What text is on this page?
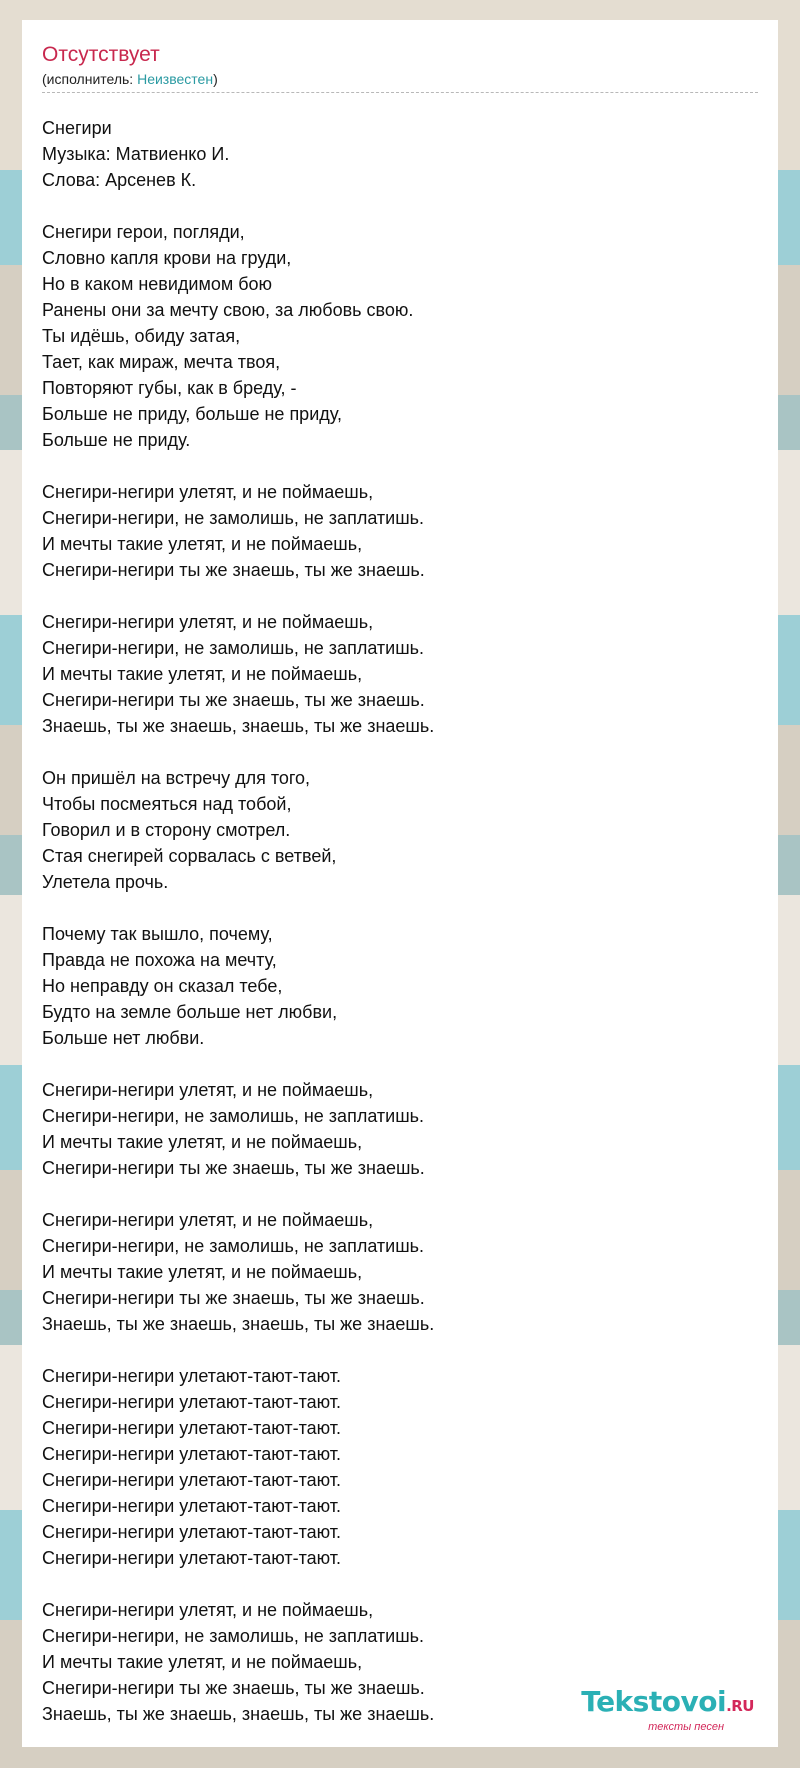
Отсутствует
(исполнитель: Неизвестен)
Снегири
Музыка: Матвиенко И.
Слова: Арсенев К.
Снегири герои, погляди,
Словно капля крови на груди,
Но в каком невидимом бою
Ранены они за мечту свою, за любовь свою.
Ты идёшь, обиду затая,
Тает, как мираж, мечта твоя,
Повторяют губы, как в бреду, -
Больше не приду, больше не приду,
Больше не приду.
Снегири-негири улетят, и не поймаешь,
Снегири-негири, не замолишь, не заплатишь.
И мечты такие улетят, и не поймаешь,
Снегири-негири ты же знаешь, ты же знаешь.
Снегири-негири улетят, и не поймаешь,
Снегири-негири, не замолишь, не заплатишь.
И мечты такие улетят, и не поймаешь,
Снегири-негири ты же знаешь, ты же знаешь.
Знаешь, ты же знаешь, знаешь, ты же знаешь.
Он пришёл на встречу для того,
Чтобы посмеяться над тобой,
Говорил и в сторону смотрел.
Стая снегирей сорвалась с ветвей,
Улетела прочь.
Почему так вышло, почему,
Правда не похожа на мечту,
Но неправду он сказал тебе,
Будто на земле больше нет любви,
Больше нет любви.
Снегири-негири улетят, и не поймаешь,
Снегири-негири, не замолишь, не заплатишь.
И мечты такие улетят, и не поймаешь,
Снегири-негири ты же знаешь, ты же знаешь.
Снегири-негири улетят, и не поймаешь,
Снегири-негири, не замолишь, не заплатишь.
И мечты такие улетят, и не поймаешь,
Снегири-негири ты же знаешь, ты же знаешь.
Знаешь, ты же знаешь, знаешь, ты же знаешь.
Снегири-негири улетают-тают-тают.
Снегири-негири улетают-тают-тают.
Снегири-негири улетают-тают-тают.
Снегири-негири улетают-тают-тают.
Снегири-негири улетают-тают-тают.
Снегири-негири улетают-тают-тают.
Снегири-негири улетают-тают-тают.
Снегири-негири улетают-тают-тают.
Снегири-негири улетят, и не поймаешь,
Снегири-негири, не замолишь, не заплатишь.
И мечты такие улетят, и не поймаешь,
Снегири-негири ты же знаешь, ты же знаешь.
Знаешь, ты же знаешь, знаешь, ты же знаешь.	Tekstovoi.RU
тексты песен
